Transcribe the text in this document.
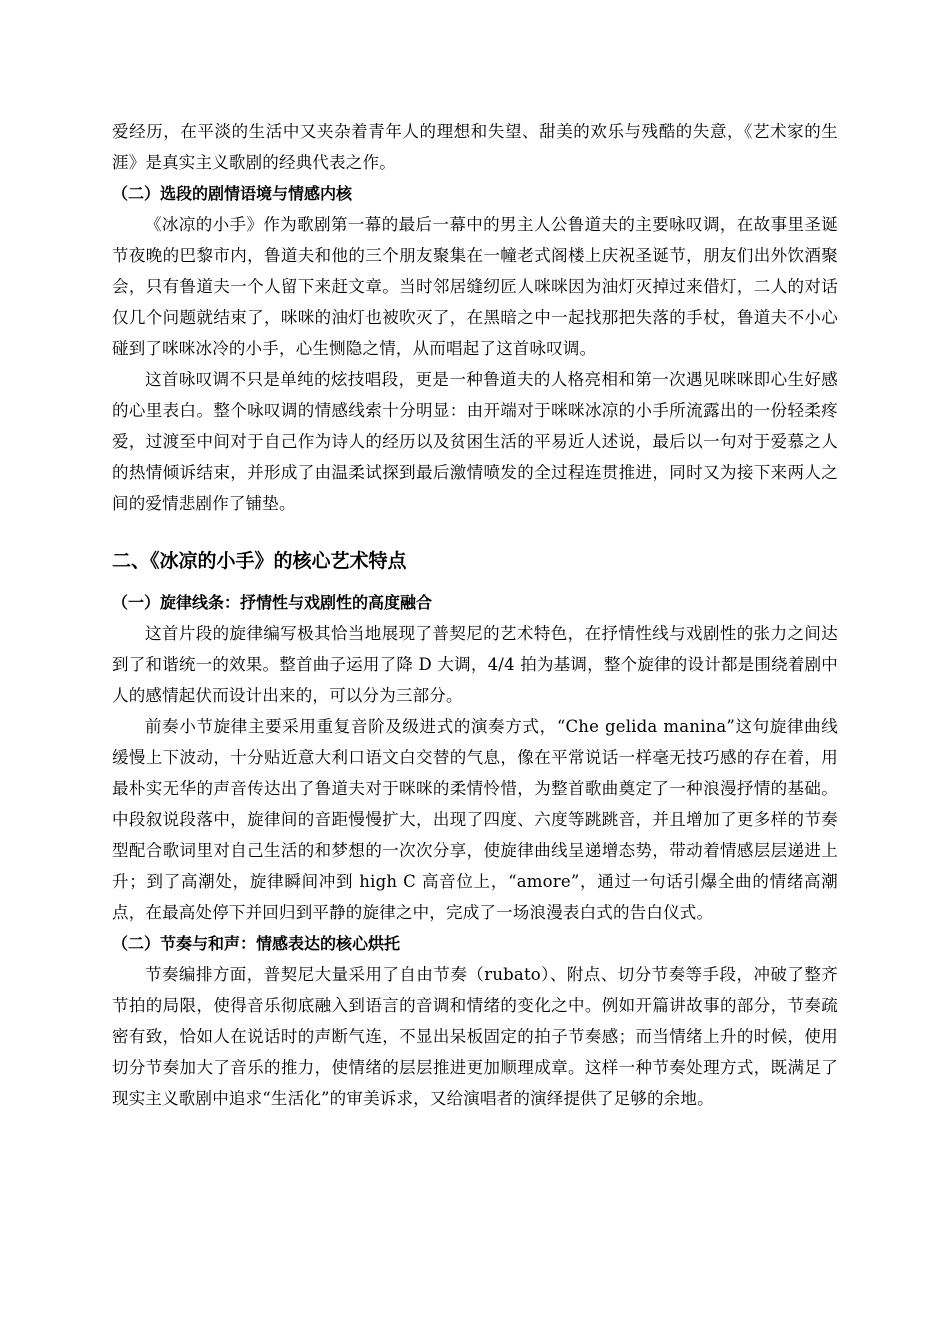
爱经历，在平淡的生活中又夹杂着青年人的理想和失望、甜美的欢乐与残酷的失意，《艺术家的生涯》是真实主义歌剧的经典代表之作。

（二）选段的剧情语境与情感内核

《冰凉的小手》作为歌剧第一幕的最后一幕中的男主人公鲁道夫的主要咏叹调，在故事里圣诞节夜晚的巴黎市内，鲁道夫和他的三个朋友聚集在一幢老式阁楼上庆祝圣诞节，朋友们出外饮酒聚会，只有鲁道夫一个人留下来赶文章。当时邻居缝纫匠人咪咪因为油灯灭掉过来借灯，二人的对话仅几个问题就结束了，咪咪的油灯也被吹灭了，在黑暗之中一起找那把失落的手杖，鲁道夫不小心碰到了咪咪冰冷的小手，心生恻隐之情，从而唱起了这首咏叹调。

这首咏叹调不只是单纯的炫技唱段，更是一种鲁道夫的人格亮相和第一次遇见咪咪即心生好感的心里表白。整个咏叹调的情感线索十分明显：由开端对于咪咪冰凉的小手所流露出的一份轻柔疼爱，过渡至中间对于自己作为诗人的经历以及贫困生活的平易近人述说，最后以一句对于爱慕之人的热情倾诉结束，并形成了由温柔试探到最后激情喷发的全过程连贯推进，同时又为接下来两人之间的爱情悲剧作了铺垫。

二、《冰凉的小手》的核心艺术特点
（一）旋律线条：抒情性与戏剧性的高度融合

这首片段的旋律编写极其恰当地展现了普契尼的艺术特色，在抒情性线与戏剧性的张力之间达到了和谐统一的效果。整首曲子运用了降 D 大调，4/4 拍为基调，整个旋律的设计都是围绕着剧中人的感情起伏而设计出来的，可以分为三部分。

前奏小节旋律主要采用重复音阶及级进式的演奏方式，“Che gelida manina”这句旋律曲线缓慢上下波动，十分贴近意大利口语文白交替的气息，像在平常说话一样毫无技巧感的存在着，用最朴实无华的声音传达出了鲁道夫对于咪咪的柔情怜惜，为整首歌曲奠定了一种浪漫抒情的基础。中段叙说段落中，旋律间的音距慢慢扩大，出现了四度、六度等跳跳音，并且增加了更多样的节奏型配合歌词里对自己生活的和梦想的一次次分享，使旋律曲线呈递增态势，带动着情感层层递进上升；到了高潮处，旋律瞬间冲到 high C 高音位上，“amore”，通过一句话引爆全曲的情绪高潮点，在最高处停下并回归到平静的旋律之中，完成了一场浪漫表白式的告白仪式。

（二）节奏与和声：情感表达的核心烘托

节奏编排方面，普契尼大量采用了自由节奏（rubato）、附点、切分节奏等手段，冲破了整齐节拍的局限，使得音乐彻底融入到语言的音调和情绪的变化之中。例如开篇讲故事的部分，节奏疏密有致，恰如人在说话时的声断气连，不显出呆板固定的拍子节奏感；而当情绪上升的时候，使用切分节奏加大了音乐的推力，使情绪的层层推进更加顺理成章。这样一种节奏处理方式，既满足了现实主义歌剧中追求“生活化”的审美诉求，又给演唱者的演绎提供了足够的余地。
